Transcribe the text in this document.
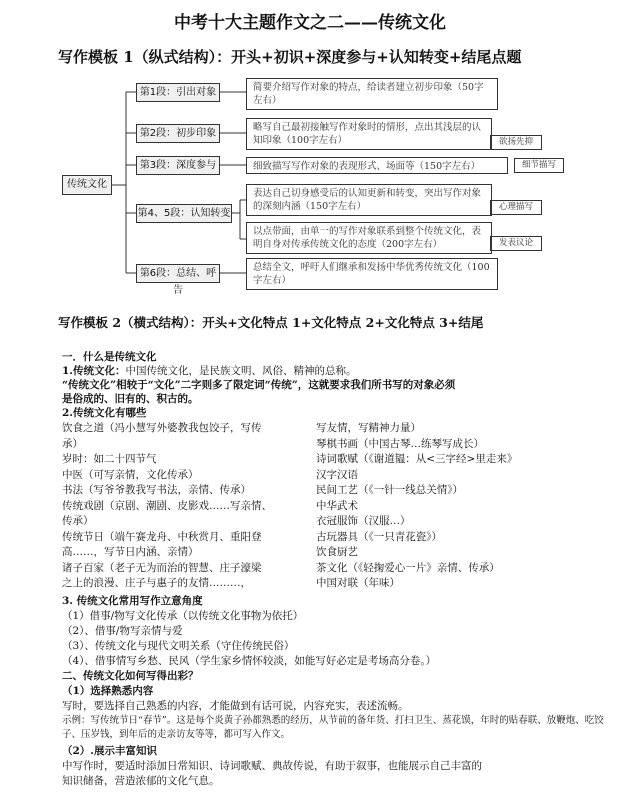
中考十大主题作文之二——传统文化
写作模板 1（纵式结构）：开头+初识+深度参与+认知转变+结尾点题
传统文化
第1段：引出对象
第2段：初步印象
第3段：深度参与
第4、5段：认知转变
第6段：总结、呼告
简要介绍写作对象的特点，给读者建立初步印象（50字左右）
略写自己最初接触写作对象时的情形，点出其浅层的认知印象（100字左右）	欲扬先抑
细致描写写作对象的表现形式、场面等（150字左右）	细节描写
表达自己切身感受后的认知更新和转变，突出写作对象的深刻内涵（150字左右）	心理描写
以点带面，由单一的写作对象联系到整个传统文化，表明自身对传承传统文化的态度（200字左右）	发表议论
总结全文，呼吁人们继承和发扬中华优秀传统文化（100字左右）
写作模板 2（横式结构）：开头+文化特点 1+文化特点 2+文化特点 3+结尾
一．什么是传统文化
1.传统文化：中国传统文化，是民族文明、风俗、精神的总称。
“传统文化”相较于“文化”二字则多了限定词“传统”，这就要求我们所书写的对象必须
是俗成的、旧有的、积古的。
2.传统文化有哪些
饮食之道（冯小慧写外婆教我包饺子，写传
承）
岁时：如二十四节气
中医（可写亲情，文化传承）
书法（写爷爷教我写书法，亲情、传承）
传统戏剧（京剧、潮剧、皮影戏……写亲情、
传承）
传统节日（端午赛龙舟、中秋赏月、重阳登
高……，写节日内涵、亲情）
诸子百家（老子无为而治的智慧、庄子濠梁
之上的浪漫、庄子与惠子的友情………，
写友情，写精神力量）
琴棋书画（中国古琴…练琴写成长）
诗词歌赋（《谢道韫：从<三字经>里走来》
汉字汉语
民间工艺（《一针一线总关情》）
中华武术
衣冠服饰（汉服…）
古玩器具（《一只青花瓷》）
饮食厨艺
茶文化（《轻掬爱心一片》亲情、传承）
中国对联（年味）
3. 传统文化常用写作立意角度
（1）借事/物写文化传承（以传统文化事物为依托）
（2）、借事/物写亲情与爱
（3）、传统文化与现代文明关系（守住传统民俗）
（4）、借事情写乡愁、民风（学生家乡情怀较淡，如能写好必定是考场高分卷。）
二、传统文化如何写得出彩？
（1）选择熟悉内容
写时，要选择自己熟悉的内容，才能做到有话可说，内容充实，表述流畅。
示例：写传统节日“春节”。这是每个炎黄子孙都熟悉的经历，从节前的备年货、打扫卫生、蒸花馍，年时的贴春联、放鞭炮、吃饺子、压岁钱，到年后的走亲访友等等，都可写入作文。
（2）.展示丰富知识
中写作时，要适时添加日常知识、诗词歌赋、典故传说，有助于叙事，也能展示自己丰富的
知识储备，营造浓郁的文化气息。
